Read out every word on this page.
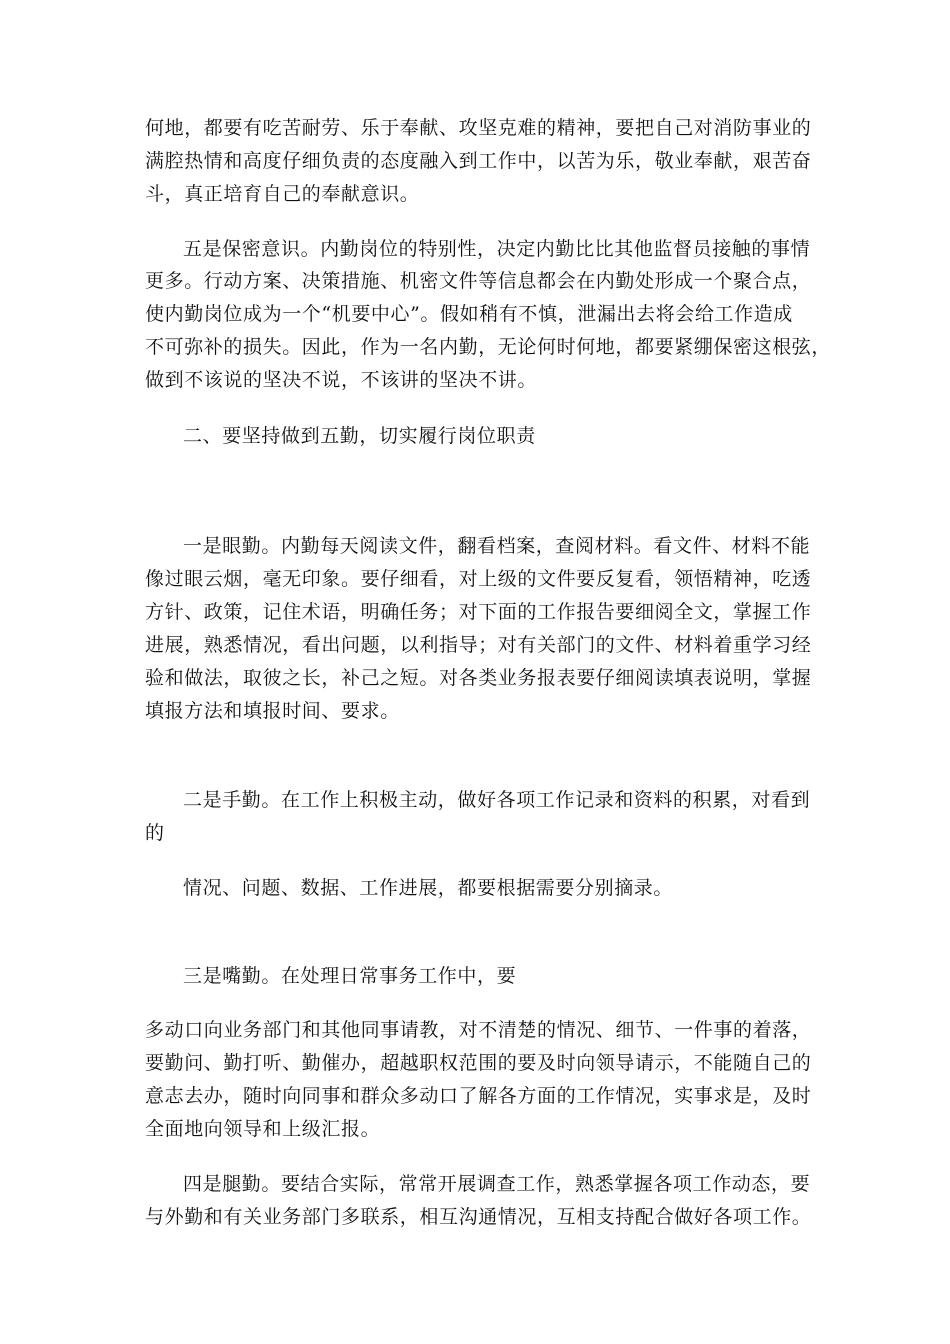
何地，都要有吃苦耐劳、乐于奉献、攻坚克难的精神，要把自己对消防事业的

满腔热情和高度仔细负责的态度融入到工作中，以苦为乐，敬业奉献，艰苦奋

斗，真正培育自己的奉献意识。

五是保密意识。内勤岗位的特别性，决定内勤比比其他监督员接触的事情

更多。行动方案、决策措施、机密文件等信息都会在内勤处形成一个聚合点，

使内勤岗位成为一个“机要中心”。假如稍有不慎，泄漏出去将会给工作造成

不可弥补的损失。因此，作为一名内勤，无论何时何地，都要紧绷保密这根弦，

做到不该说的坚决不说，不该讲的坚决不讲。

二、要坚持做到五勤，切实履行岗位职责

一是眼勤。内勤每天阅读文件，翻看档案，查阅材料。看文件、材料不能

像过眼云烟，毫无印象。要仔细看，对上级的文件要反复看，领悟精神，吃透

方针、政策，记住术语，明确任务；对下面的工作报告要细阅全文，掌握工作

进展，熟悉情况，看出问题，以利指导；对有关部门的文件、材料着重学习经

验和做法，取彼之长，补己之短。对各类业务报表要仔细阅读填表说明，掌握

填报方法和填报时间、要求。

二是手勤。在工作上积极主动，做好各项工作记录和资料的积累，对看到

的

情况、问题、数据、工作进展，都要根据需要分别摘录。

三是嘴勤。在处理日常事务工作中，要

多动口向业务部门和其他同事请教，对不清楚的情况、细节、一件事的着落，

要勤问、勤打听、勤催办，超越职权范围的要及时向领导请示，不能随自己的

意志去办，随时向同事和群众多动口了解各方面的工作情况，实事求是，及时

全面地向领导和上级汇报。

四是腿勤。要结合实际，常常开展调查工作，熟悉掌握各项工作动态，要

与外勤和有关业务部门多联系，相互沟通情况，互相支持配合做好各项工作。
